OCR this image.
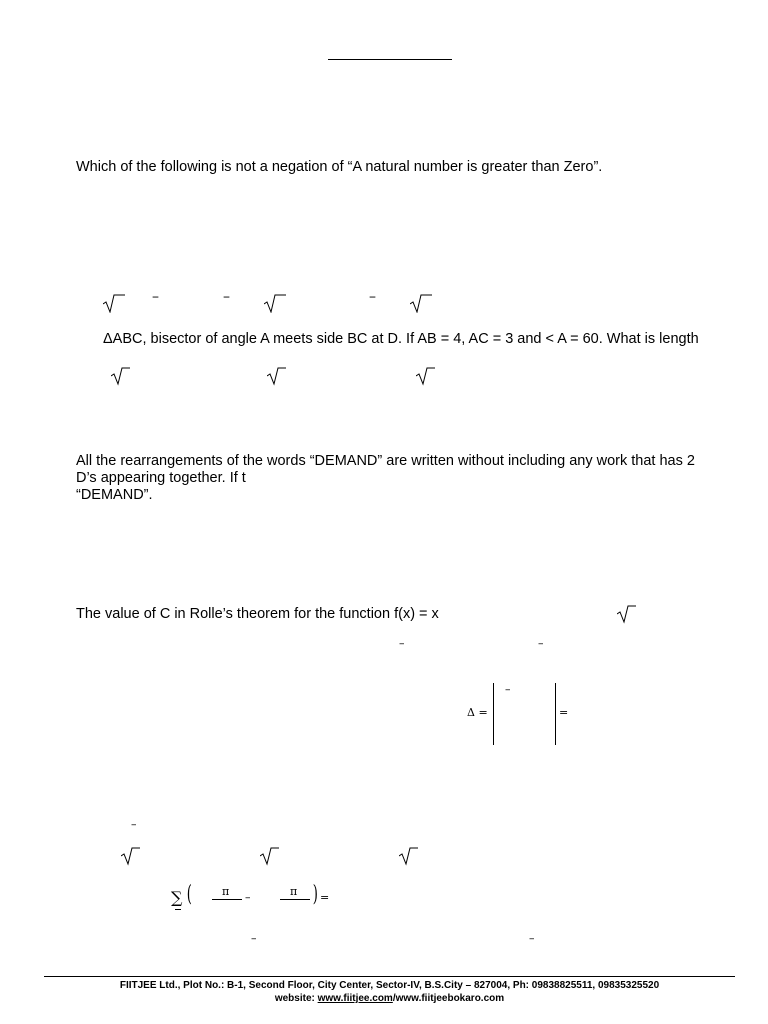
Which of the following is not a negation of “A natural number is greater than Zero”.
–	–	–
ΔABC, bisector of angle A meets side BC at D. If AB = 4, AC = 3 and < A = 60. What is length
All the rearrangements of the words “DEMAND” are written without including any work that has 2
D’s appearing together. If t
“DEMAND”.
The value of C in Rolle’s theorem for the function f(x) = x
–	–
Δ =
–
=
–
∑ (	π –	π ) =
–	–
FIITJEE Ltd., Plot No.: B-1, Second Floor, City Center, Sector-IV, B.S.City – 827004, Ph: 09838825511, 09835325520
website: www.fiitjee.com/www.fiitjeebokaro.com
